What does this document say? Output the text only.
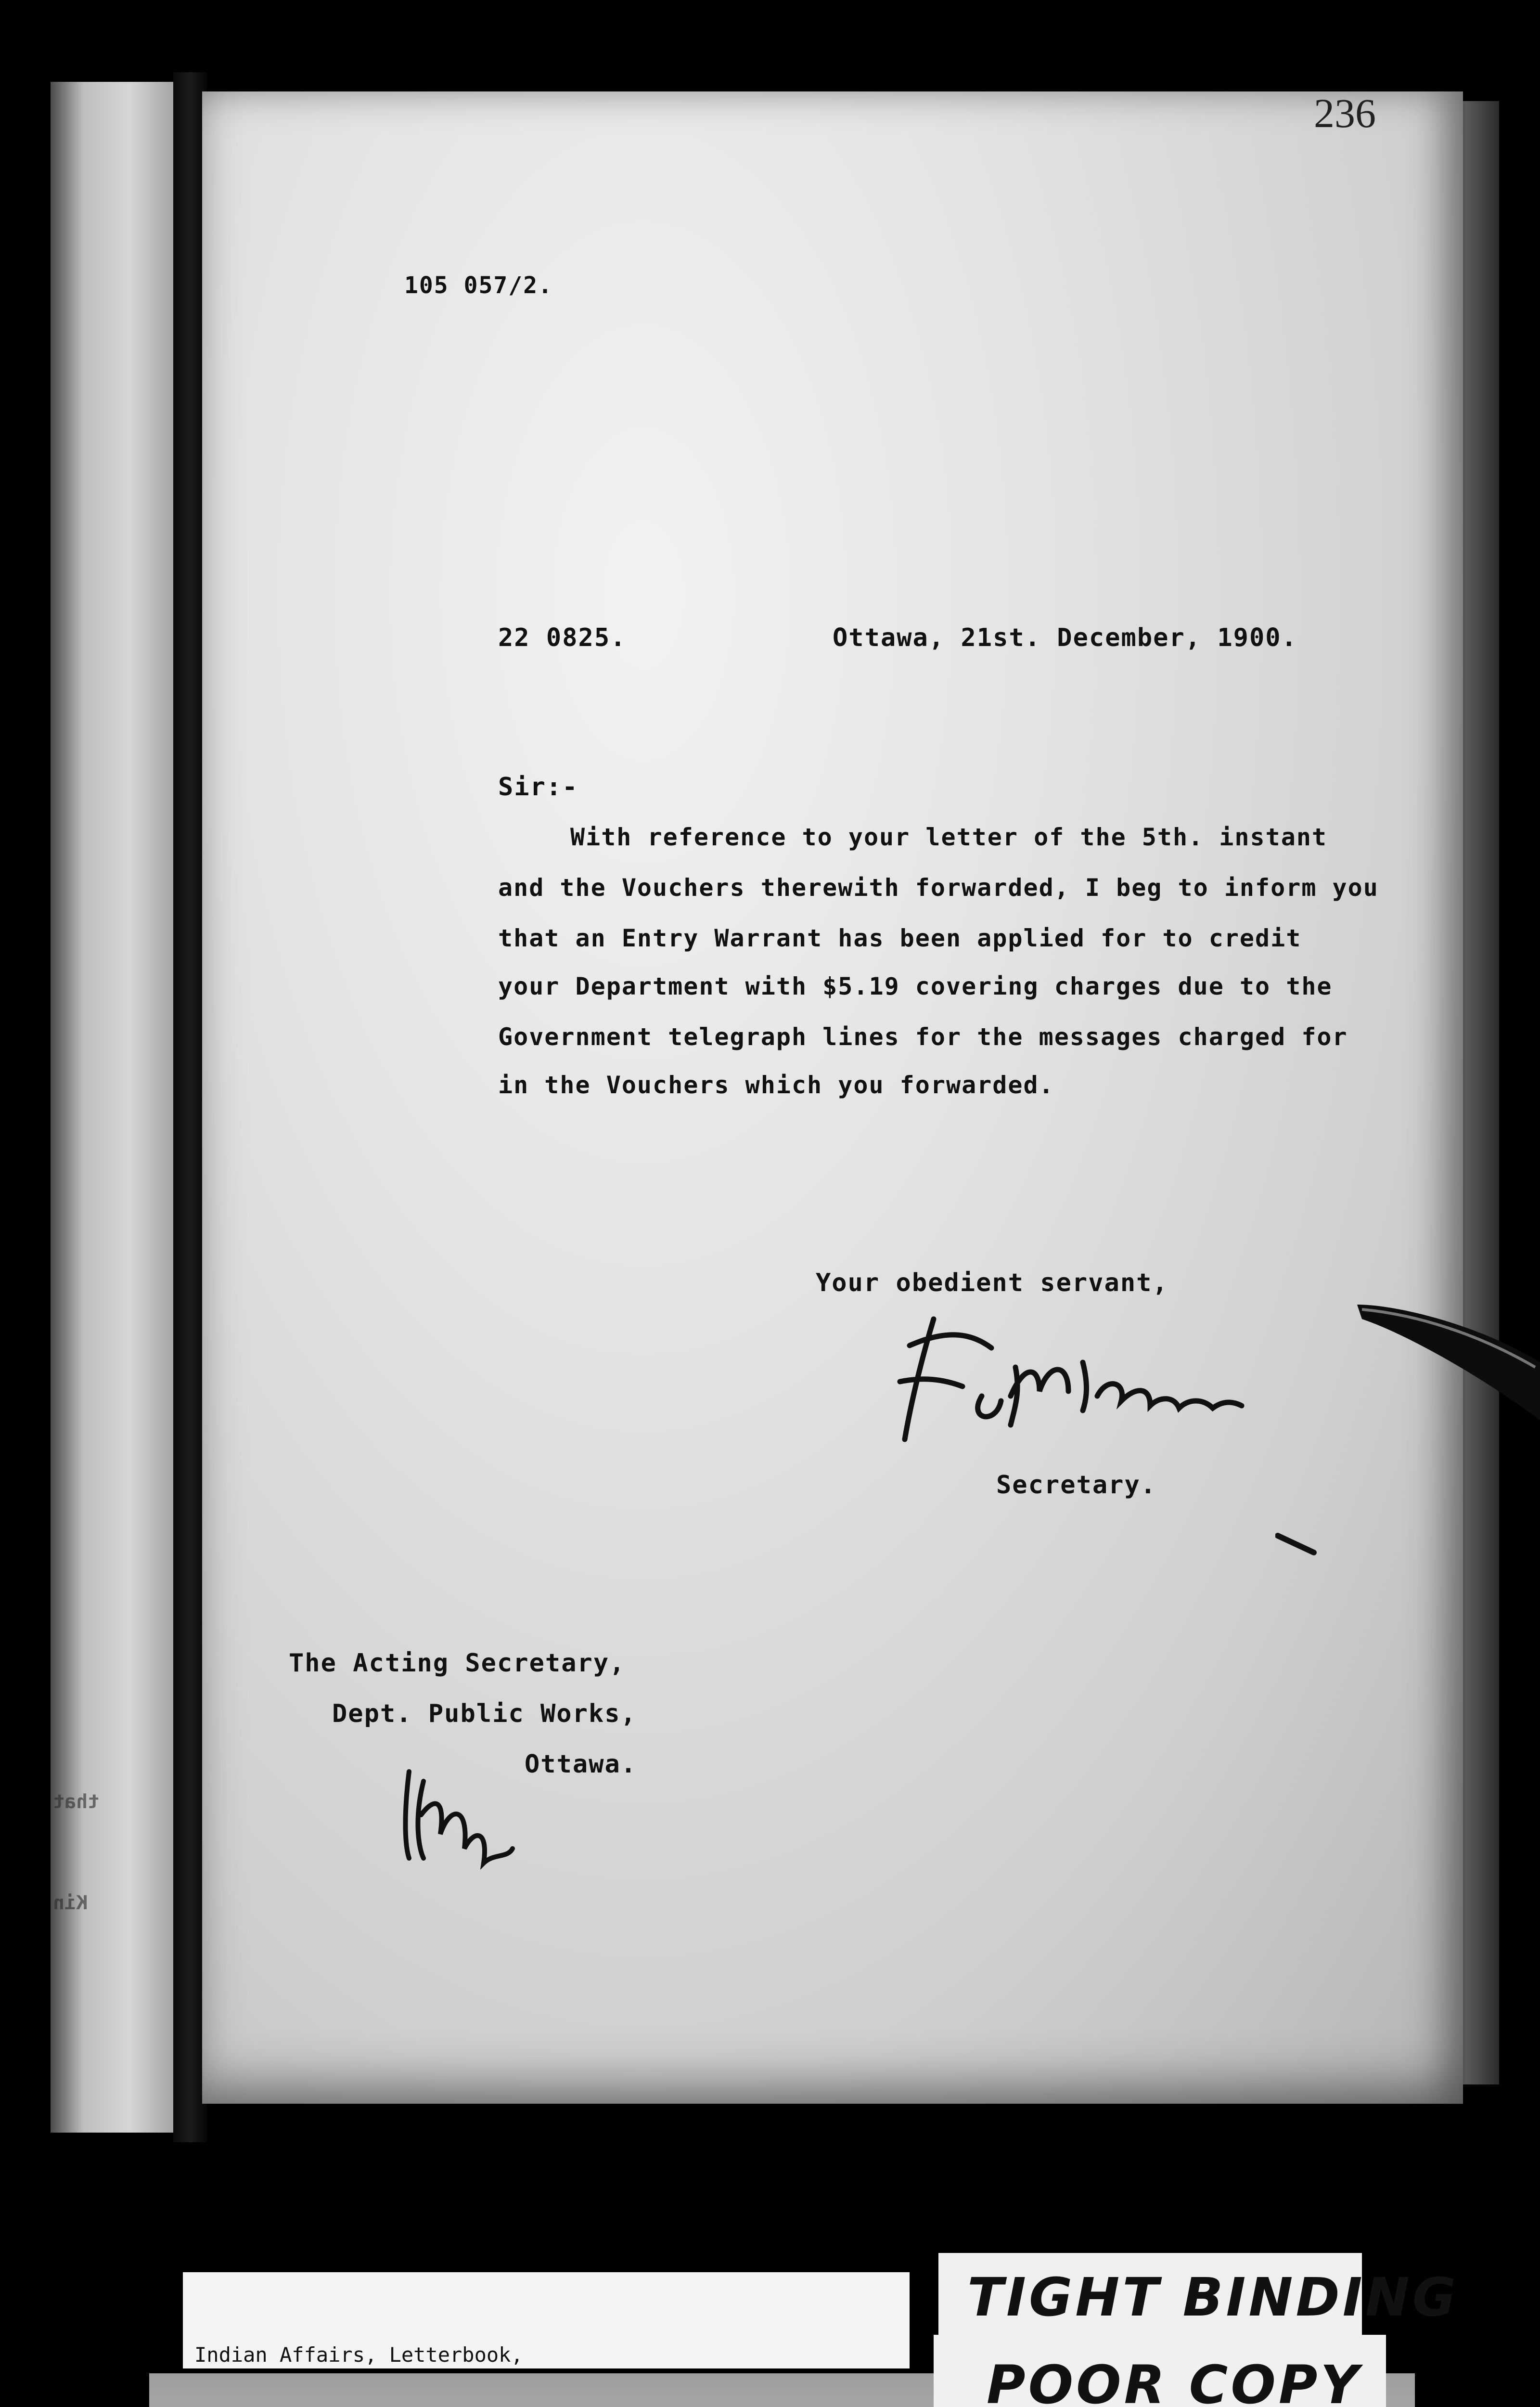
that
Kin
236
105 057/2.
22 0825.	Ottawa, 21st. December, 1900.
Sir:-
With reference to your letter of the 5th. instant
and the Vouchers therewith forwarded, I beg to inform you
that an Entry Warrant has been applied for to credit
your Department with $5.19 covering charges due to the
Government telegraph lines for the messages charged for
in the Vouchers which you forwarded.
Your obedient servant,
Secretary.
The Acting Secretary,
Dept. Public Works,
Ottawa.

Indian Affairs, Letterbook,

TIGHT BINDING
POOR COPY
